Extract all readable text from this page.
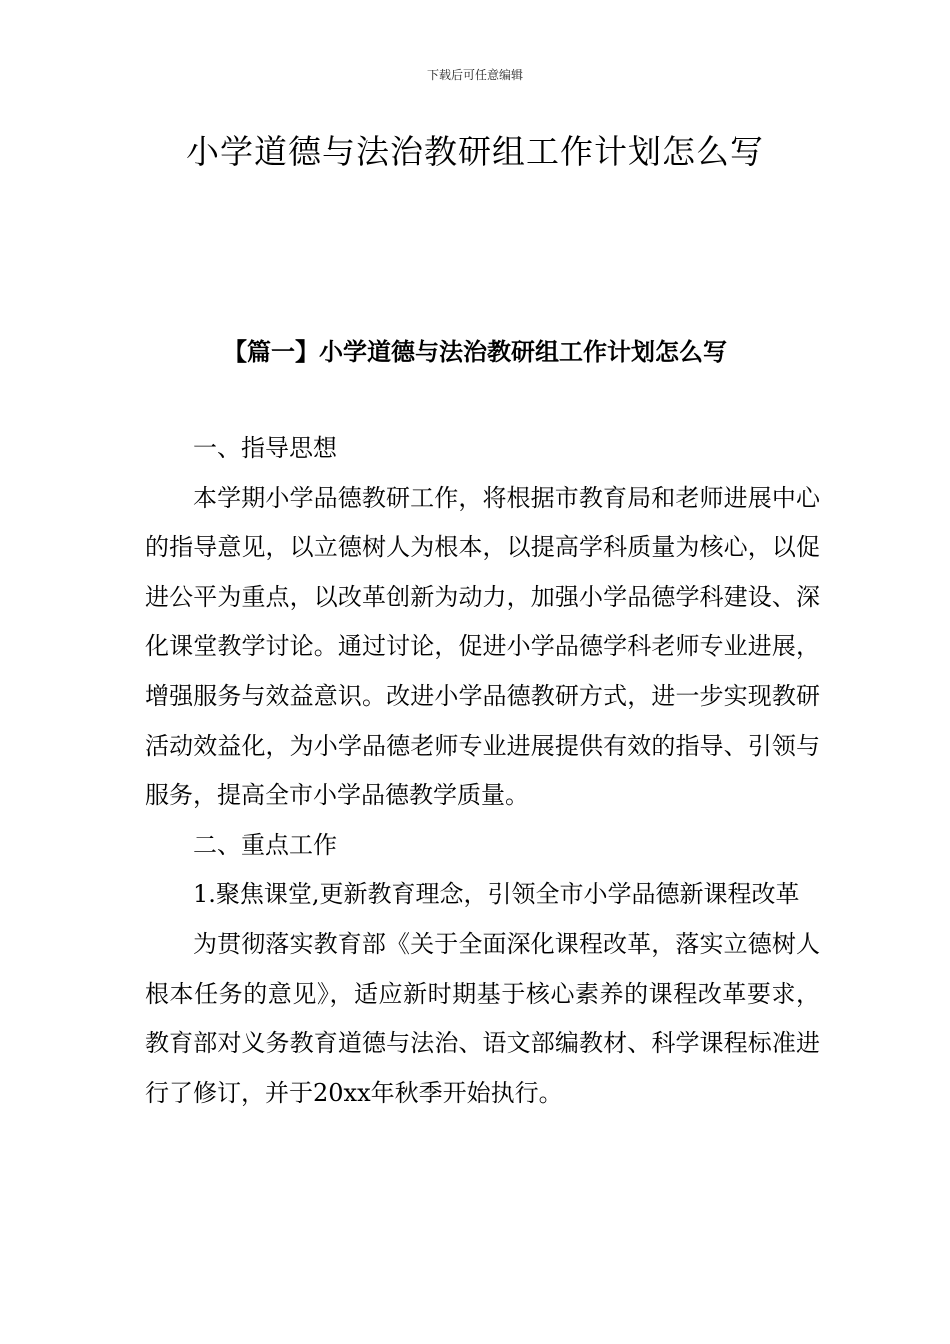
下载后可任意编辑
小学道德与法治教研组工作计划怎么写
【篇一】小学道德与法治教研组工作计划怎么写

一、指导思想

本学期小学品德教研工作，将根据市教育局和老师进展中心的指导意见，以立德树人为根本，以提高学科质量为核心，以促进公平为重点，以改革创新为动力，加强小学品德学科建设、深化课堂教学讨论。通过讨论，促进小学品德学科老师专业进展，增强服务与效益意识。改进小学品德教研方式，进一步实现教研活动效益化，为小学品德老师专业进展提供有效的指导、引领与服务，提高全市小学品德教学质量。

二、重点工作

1.聚焦课堂,更新教育理念，引领全市小学品德新课程改革

为贯彻落实教育部《关于全面深化课程改革，落实立德树人根本任务的意见》，适应新时期基于核心素养的课程改革要求，教育部对义务教育道德与法治、语文部编教材、科学课程标准进行了修订，并于20xx年秋季开始执行。
